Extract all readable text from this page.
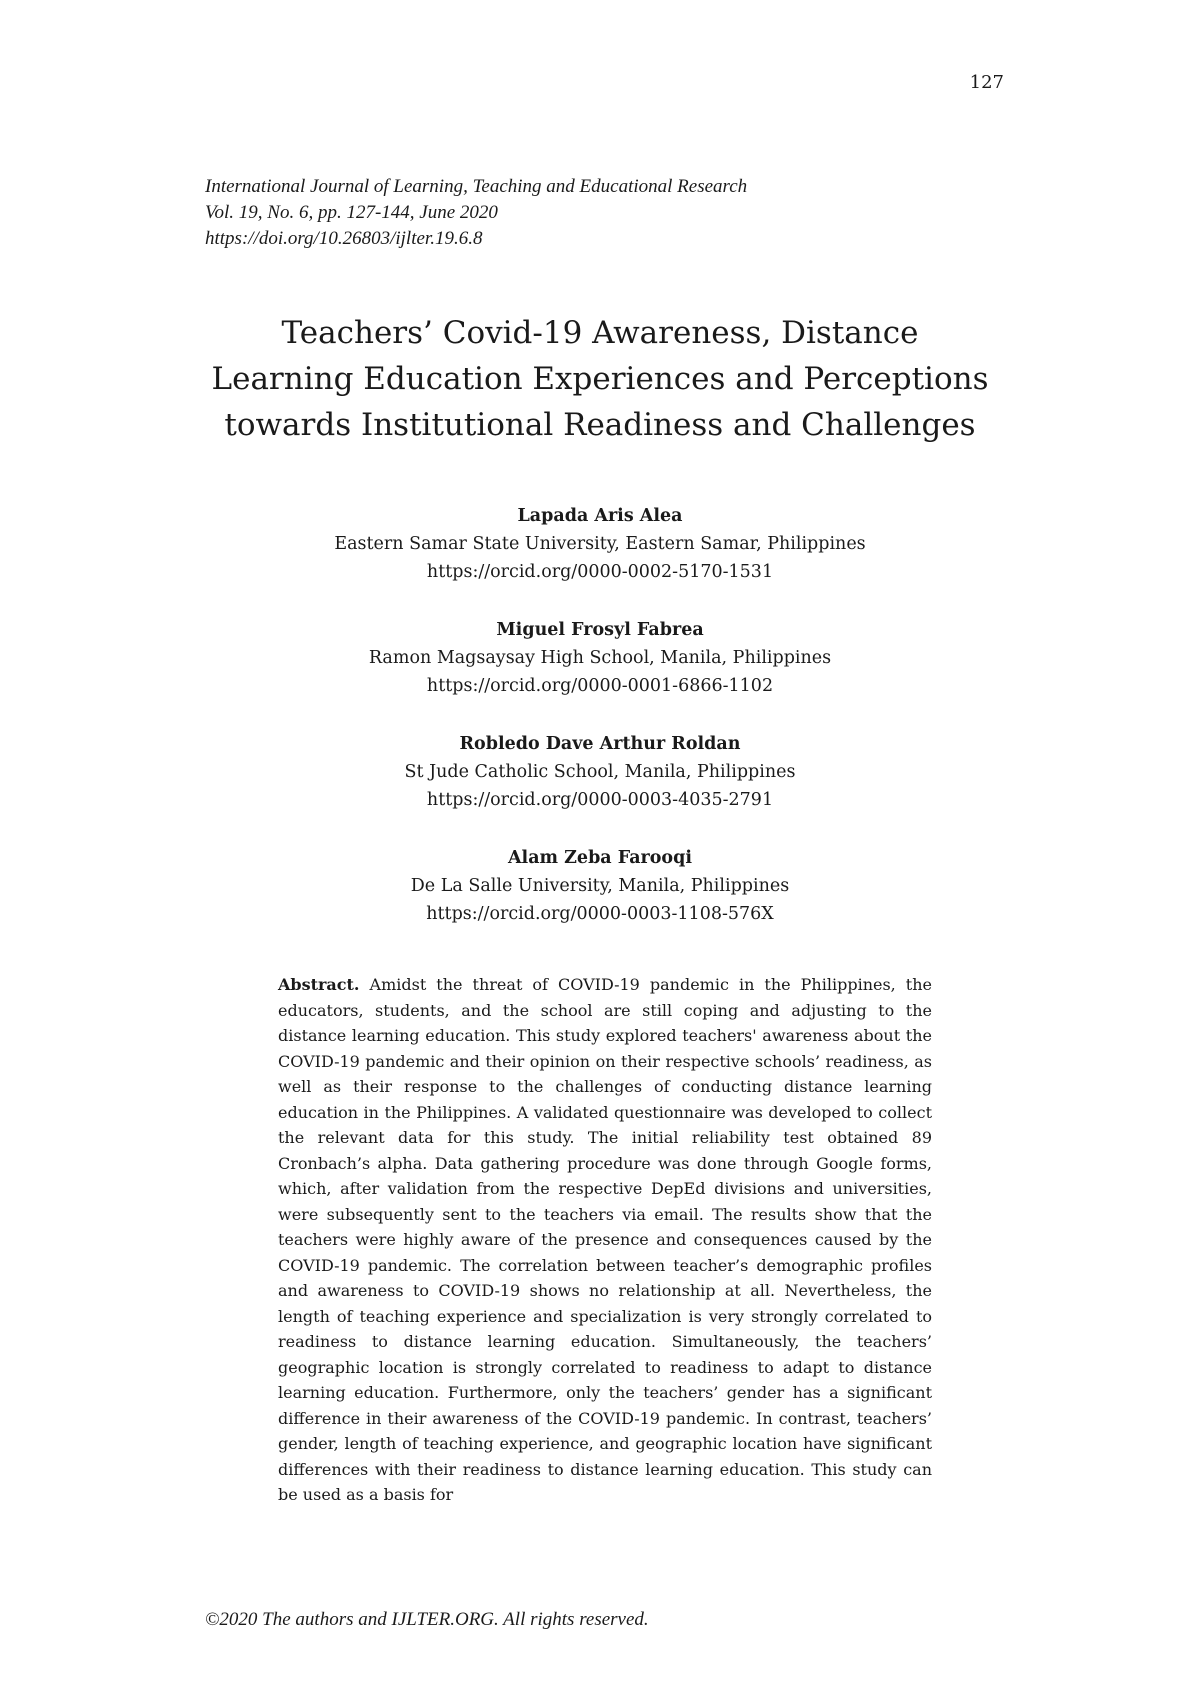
127
International Journal of Learning, Teaching and Educational Research
Vol. 19, No. 6, pp. 127-144, June 2020
https://doi.org/10.26803/ijlter.19.6.8
Teachers’ Covid-19 Awareness, Distance
Learning Education Experiences and Perceptions
towards Institutional Readiness and Challenges
Lapada Aris Alea
Eastern Samar State University, Eastern Samar, Philippines
https://orcid.org/0000-0002-5170-1531
Miguel Frosyl Fabrea
Ramon Magsaysay High School, Manila, Philippines
https://orcid.org/0000-0001-6866-1102
Robledo Dave Arthur Roldan
St Jude Catholic School, Manila, Philippines
https://orcid.org/0000-0003-4035-2791
Alam Zeba Farooqi
De La Salle University, Manila, Philippines
https://orcid.org/0000-0003-1108-576X
Abstract. Amidst the threat of COVID-19 pandemic in the Philippines, the educators, students, and the school are still coping and adjusting to the distance learning education. This study explored teachers' awareness about the COVID-19 pandemic and their opinion on their respective schools’ readiness, as well as their response to the challenges of conducting distance learning education in the Philippines. A validated questionnaire was developed to collect the relevant data for this study. The initial reliability test obtained 89 Cronbach’s alpha. Data gathering procedure was done through Google forms, which, after validation from the respective DepEd divisions and universities, were subsequently sent to the teachers via email. The results show that the teachers were highly aware of the presence and consequences caused by the COVID-19 pandemic. The correlation between teacher’s demographic profiles and awareness to COVID-19 shows no relationship at all. Nevertheless, the length of teaching experience and specialization is very strongly correlated to readiness to distance learning education. Simultaneously, the teachers’ geographic location is strongly correlated to readiness to adapt to distance learning education. Furthermore, only the teachers’ gender has a significant difference in their awareness of the COVID-19 pandemic. In contrast, teachers’ gender, length of teaching experience, and geographic location have significant differences with their readiness to distance learning education. This study can be used as a basis for
©2020 The authors and IJLTER.ORG. All rights reserved.
